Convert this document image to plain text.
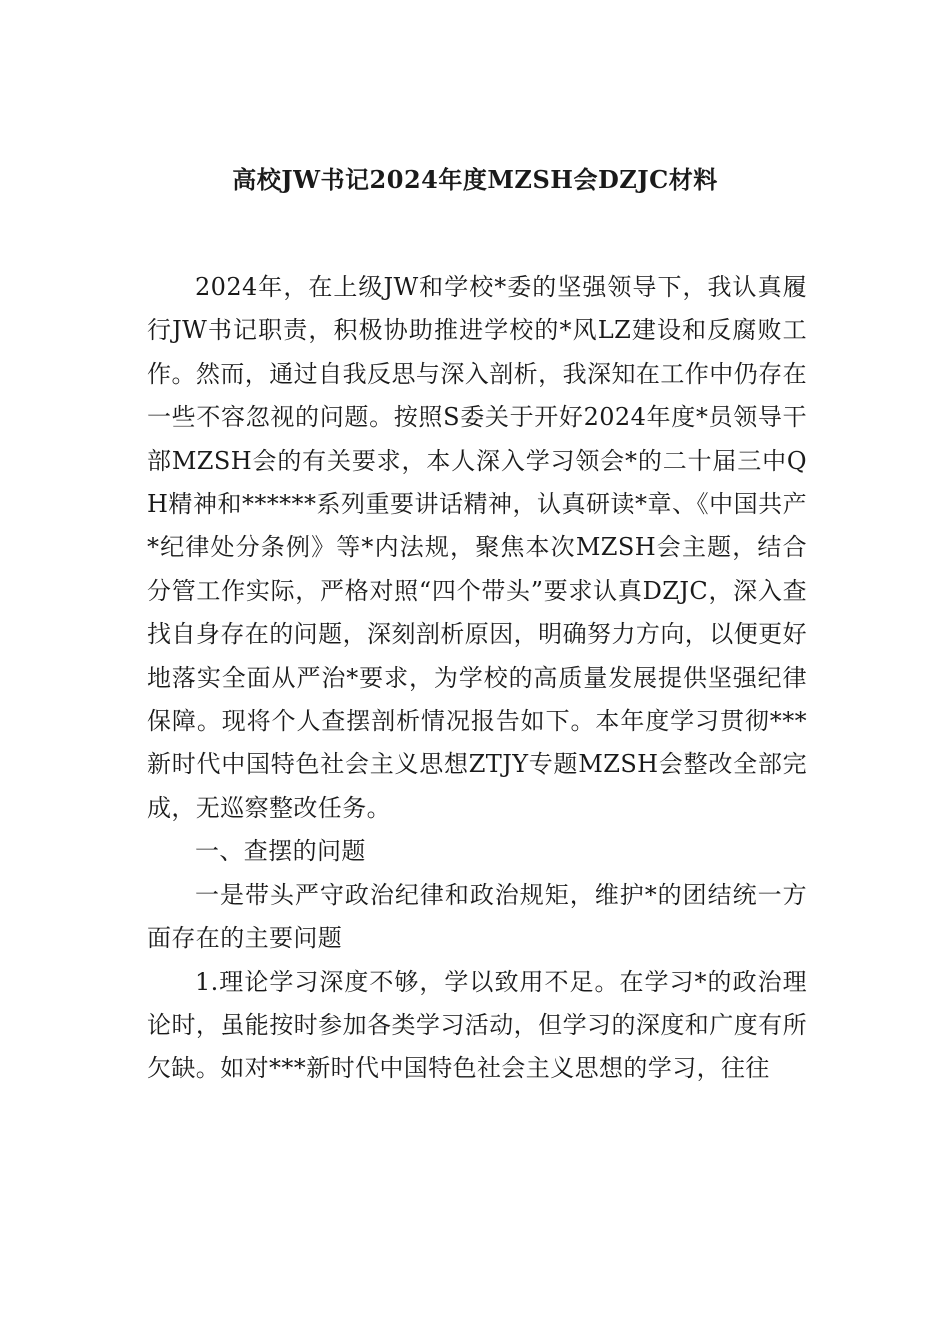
高校JW书记2024年度MZSH会DZJC材料

2024年，在上级JW和学校*委的坚强领导下，我认真履行JW书记职责，积极协助推进学校的*风LZ建设和反腐败工作。然而，通过自我反思与深入剖析，我深知在工作中仍存在一些不容忽视的问题。按照S委关于开好2024年度*员领导干部MZSH会的有关要求，本人深入学习领会*的二十届三中QH精神和******系列重要讲话精神，认真研读*章、《中国共产*纪律处分条例》等*内法规，聚焦本次MZSH会主题，结合分管工作实际，严格对照“四个带头”要求认真DZJC，深入查找自身存在的问题，深刻剖析原因，明确努力方向，以便更好地落实全面从严治*要求，为学校的高质量发展提供坚强纪律保障。现将个人查摆剖析情况报告如下。本年度学习贯彻***新时代中国特色社会主义思想ZTJY专题MZSH会整改全部完成，无巡察整改任务。

一、查摆的问题

一是带头严守政治纪律和政治规矩，维护*的团结统一方面存在的主要问题

1.理论学习深度不够，学以致用不足。在学习*的政治理论时，虽能按时参加各类学习活动，但学习的深度和广度有所欠缺。如对***新时代中国特色社会主义思想的学习，往往
